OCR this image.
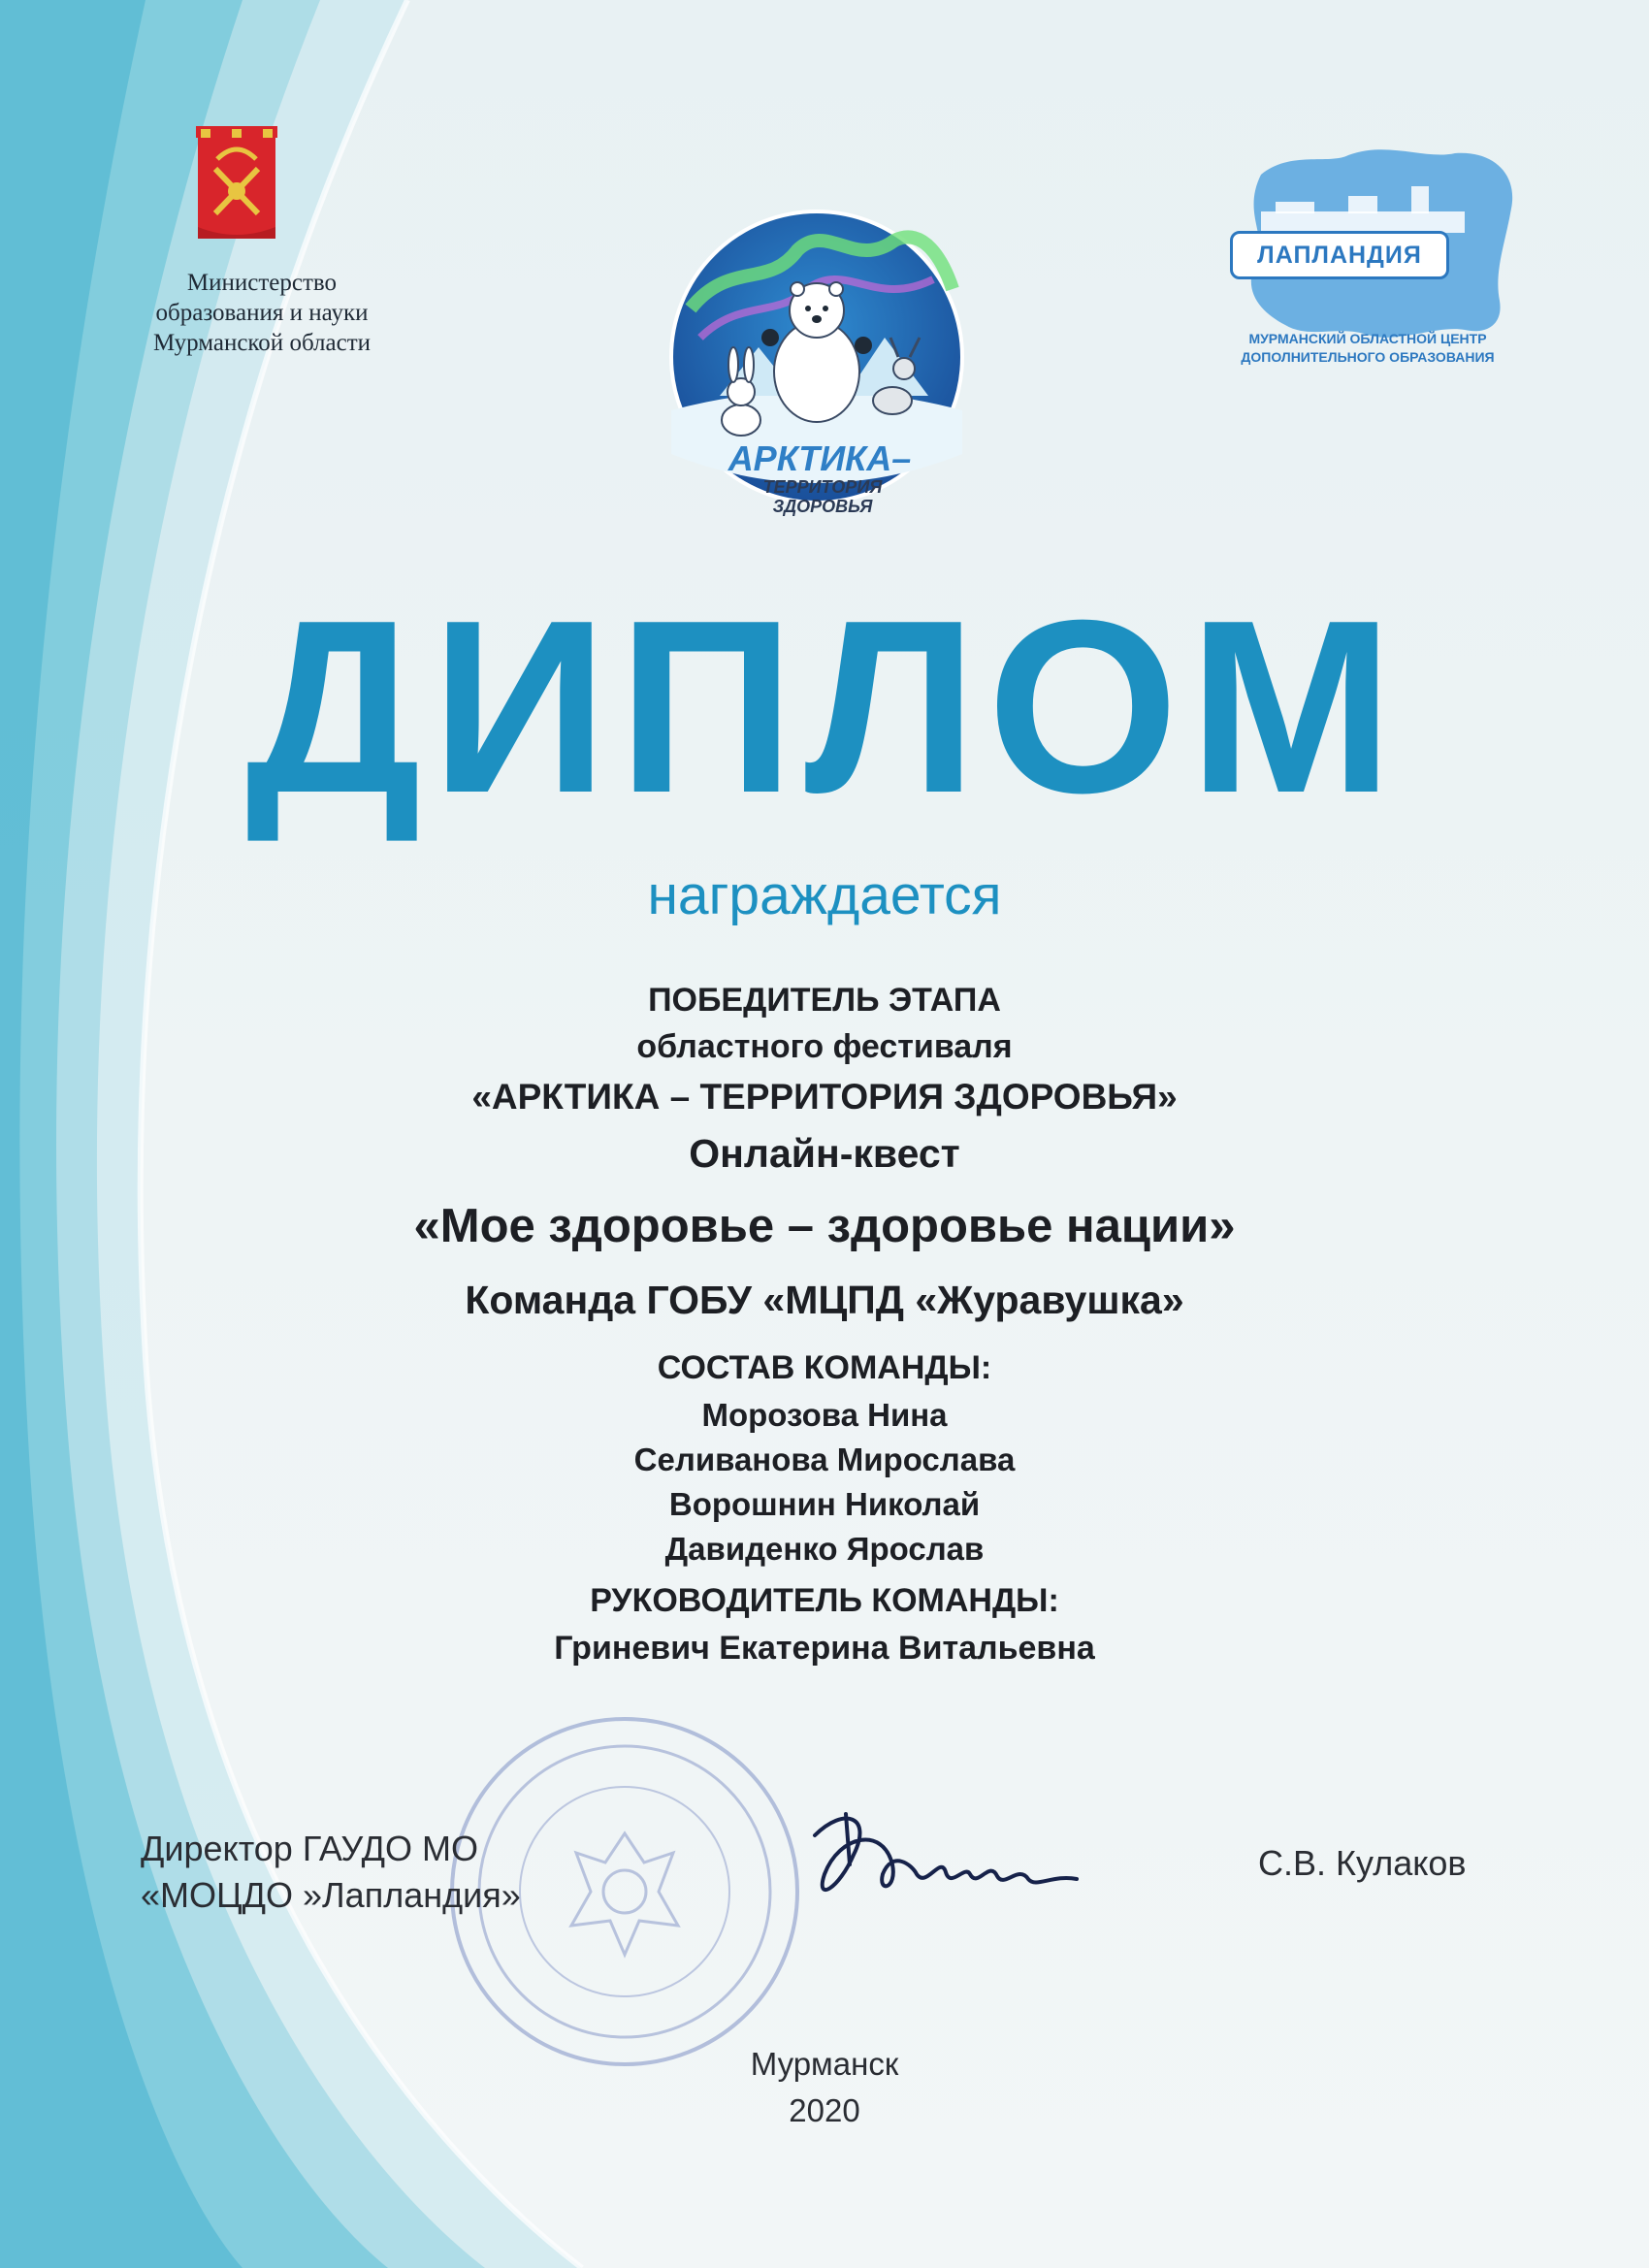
Министерство
образования и науки
Мурманской области
АРКТИКА–
ТЕРРИТОРИЯ
ЗДОРОВЬЯ
ЛАПЛАНДИЯ
МУРМАНСКИЙ ОБЛАСТНОЙ ЦЕНТР
ДОПОЛНИТЕЛЬНОГО ОБРАЗОВАНИЯ
ДИПЛОМ
награждается
ПОБЕДИТЕЛЬ ЭТАПА
областного фестиваля
«АРКТИКА – ТЕРРИТОРИЯ ЗДОРОВЬЯ»
Онлайн-квест
«Мое здоровье – здоровье нации»
Команда ГОБУ «МЦПД «Журавушка»
СОСТАВ КОМАНДЫ:
Морозова Нина
Селиванова Мирослава
Ворошнин Николай
Давиденко Ярослав
РУКОВОДИТЕЛЬ КОМАНДЫ:
Гриневич Екатерина Витальевна
Директор ГАУДО МО
«МОЦДО »Лапландия»
С.В. Кулаков
Мурманск
2020
